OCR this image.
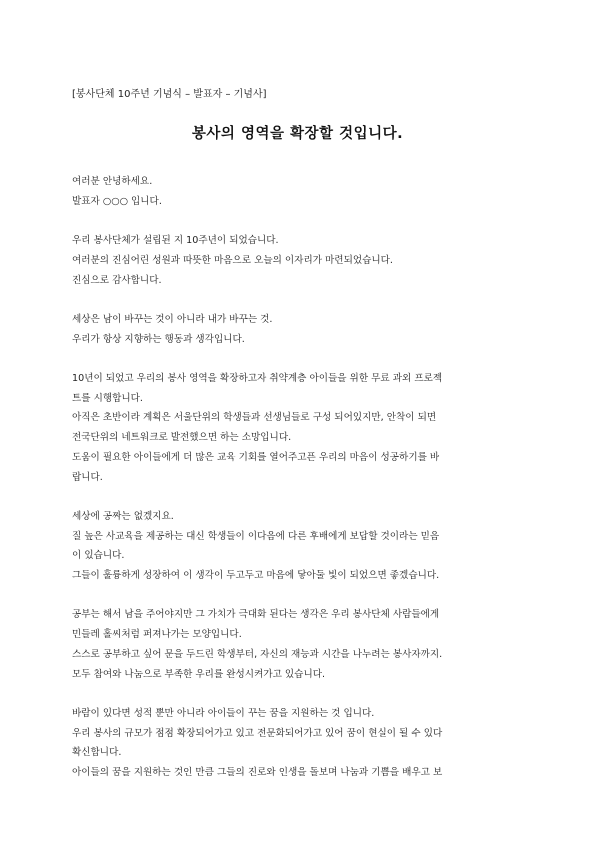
[봉사단체 10주년 기념식 – 발표자 – 기념사]
봉사의 영역을 확장할 것입니다.
여러분 안녕하세요.
발표자 ○○○ 입니다.
우리 봉사단체가 설립된 지 10주년이 되었습니다.
여러분의 진심어린 성원과 따뜻한 마음으로 오늘의 이자리가 마련되었습니다.
진심으로 감사합니다.
세상은 남이 바꾸는 것이 아니라 내가 바꾸는 것.
우리가 항상 지향하는 행동과 생각입니다.
10년이 되었고 우리의 봉사 영역을 확장하고자 취약계층 아이들을 위한 무료 과외 프로젝
트를 시행합니다.
아직은 초반이라 계획은 서울단위의 학생들과 선생님들로 구성 되어있지만, 안착이 되면
전국단위의 네트워크로 발전했으면 하는 소망입니다.
도움이 필요한 아이들에게 더 많은 교육 기회를 열어주고픈 우리의 마음이 성공하기를 바
랍니다.
세상에 공짜는 없겠지요.
질 높은 사교육을 제공하는 대신 학생들이 이다음에 다른 후배에게 보답할 것이라는 믿음
이 있습니다.
그들이 훌륭하게 성장하여 이 생각이 두고두고 마음에 닿아둘 빛이 되었으면 좋겠습니다.
공부는 해서 남을 주어야지만 그 가치가 극대화 된다는 생각은 우리 봉사단체 사람들에게
민들레 홀씨처럼 퍼져나가는 모양입니다.
스스로 공부하고 싶어 문을 두드린 학생부터, 자신의 재능과 시간을 나누려는 봉사자까지.
모두 참여와 나눔으로 부족한 우리를 완성시켜가고 있습니다.
바람이 있다면 성적 뿐만 아니라 아이들이 꾸는 꿈을 지원하는 것 입니다.
우리 봉사의 규모가 점점 확장되어가고 있고 전문화되어가고 있어 꿈이 현실이 될 수 있다
확신합니다.
아이들의 꿈을 지원하는 것인 만큼 그들의 진로와 인생을 돌보며 나눔과 기쁨을 배우고 보
